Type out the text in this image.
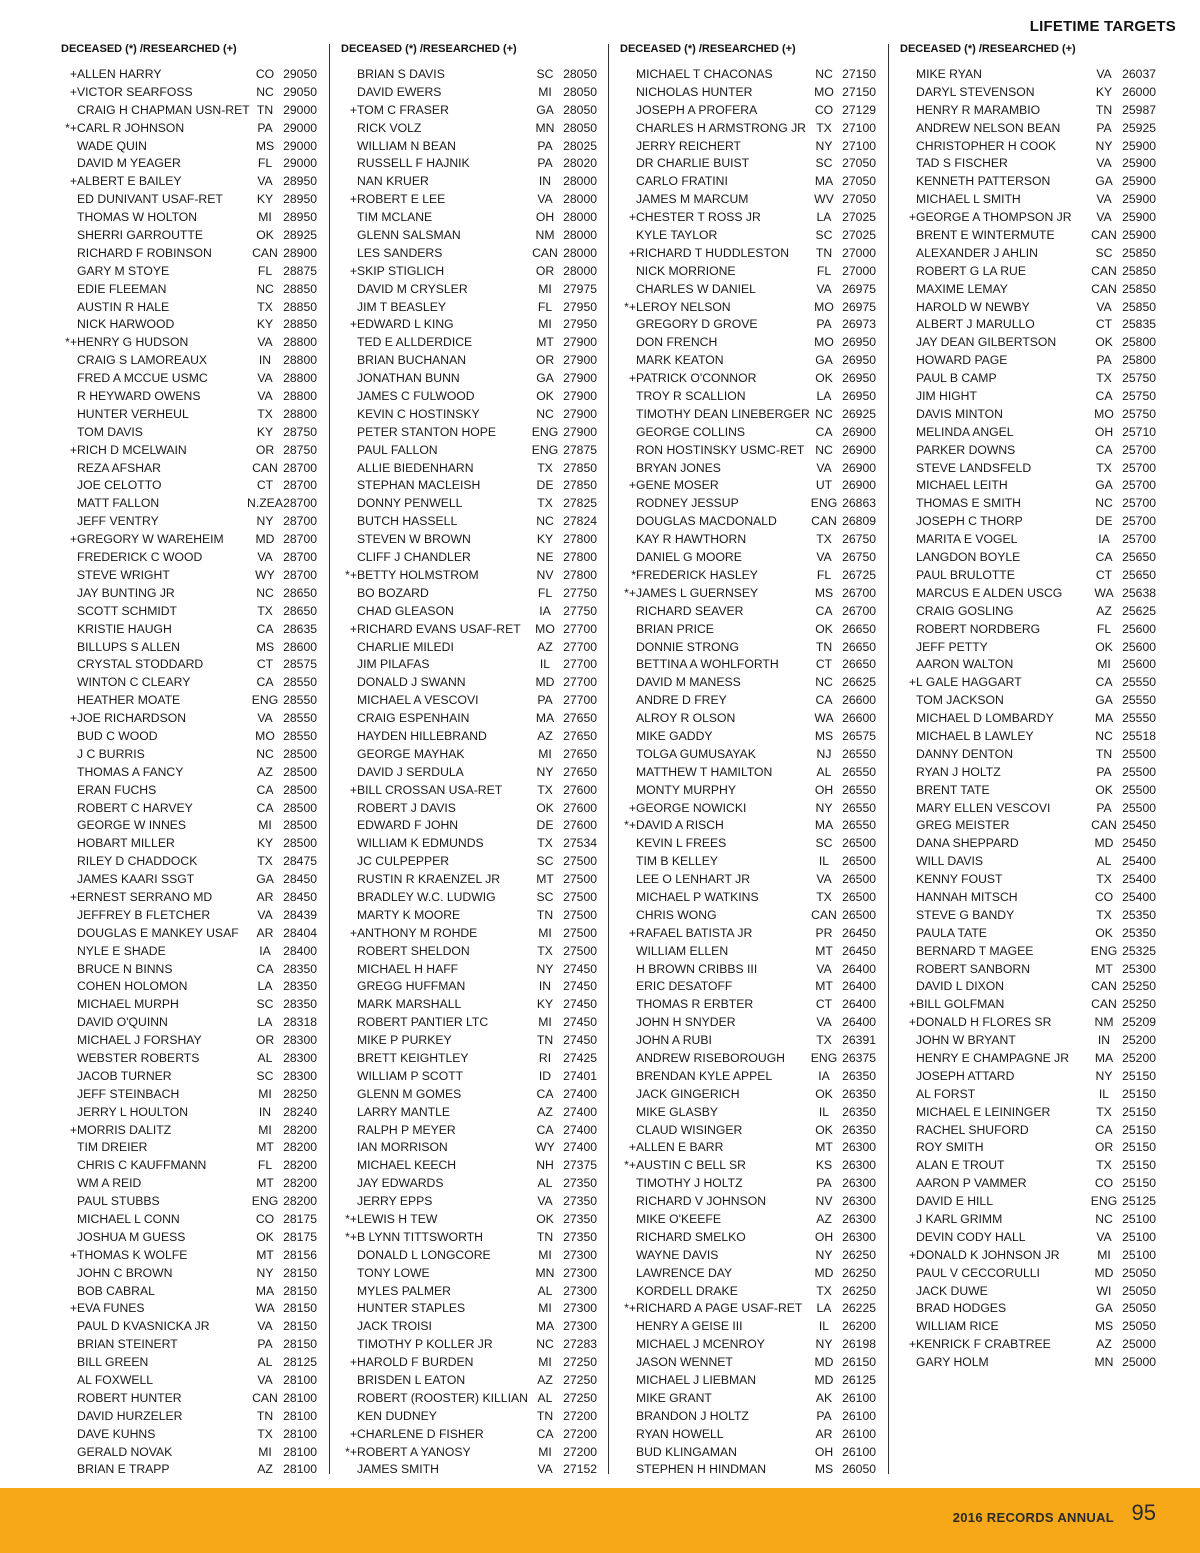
LIFETIME TARGETS
DECEASED (*) /RESEARCHED (+)
+ ALLEN HARRY	CO 29050
+ VICTOR SEARFOSS	NC 29050
CRAIG H CHAPMAN USN-RET TN 29000
*+ CARL R JOHNSON	PA 29000
WADE QUIN	MS 29000
DAVID M YEAGER	FL 29000
+ ALBERT E BAILEY	VA 28950
ED DUNIVANT USAF-RET	KY 28950
THOMAS W HOLTON	MI 28950
SHERRI GARROUTTE	OK 28925
RICHARD F ROBINSON	CAN 28900
GARY M STOYE	FL 28875
EDIE FLEEMAN	NC 28850
AUSTIN R HALE	TX 28850
NICK HARWOOD	KY 28850
*+ HENRY G HUDSON	VA 28800
CRAIG S LAMOREAUX	IN 28800
FRED A MCCUE USMC	VA 28800
R HEYWARD OWENS	VA 28800
HUNTER VERHEUL	TX 28800
TOM DAVIS	KY 28750
+ RICH D MCELWAIN	OR 28750
REZA AFSHAR	CAN 28700
JOE CELOTTO	CT 28700
MATT FALLON	N.ZEA 28700
JEFF VENTRY	NY 28700
+ GREGORY W WAREHEIM	MD 28700
FREDERICK C WOOD	VA 28700
STEVE WRIGHT	WY 28700
JAY BUNTING JR	NC 28650
SCOTT SCHMIDT	TX 28650
KRISTIE HAUGH	CA 28635
BILLUPS S ALLEN	MS 28600
CRYSTAL STODDARD	CT 28575
WINTON C CLEARY	CA 28550
HEATHER MOATE	ENG 28550
+ JOE RICHARDSON	VA 28550
BUD C WOOD	MO 28550
J C BURRIS	NC 28500
THOMAS A FANCY	AZ 28500
ERAN FUCHS	CA 28500
ROBERT C HARVEY	CA 28500
GEORGE W INNES	MI 28500
HOBART MILLER	KY 28500
RILEY D CHADDOCK	TX 28475
JAMES KAARI SSGT	GA 28450
+ ERNEST SERRANO MD	AR 28450
JEFFREY B FLETCHER	VA 28439
DOUGLAS E MANKEY USAF	AR 28404
NYLE E SHADE	IA	28400
BRUCE N BINNS	CA 28350
COHEN HOLOMON	LA 28350
MICHAEL MURPH	SC 28350
DAVID O'QUINN	LA 28318
MICHAEL J FORSHAY	OR 28300
WEBSTER ROBERTS	AL 28300
JACOB TURNER	SC 28300
JEFF STEINBACH	MI 28250
JERRY L HOULTON	IN 28240
+ MORRIS DALITZ	MI 28200
TIM DREIER	MT 28200
CHRIS C KAUFFMANN	FL 28200
WM A REID	MT 28200
PAUL STUBBS	ENG 28200
MICHAEL L CONN	CO 28175
JOSHUA M GUESS	OK 28175
+ THOMAS K WOLFE	MT 28156
JOHN C BROWN	NY 28150
BOB CABRAL	MA 28150
+ EVA FUNES	WA 28150
PAUL D KVASNICKA JR	VA 28150
BRIAN STEINERT	PA 28150
BILL GREEN	AL 28125
AL FOXWELL	VA 28100
ROBERT HUNTER	CAN 28100
DAVID HURZELER	TN 28100
DAVE KUHNS	TX 28100
GERALD NOVAK	MI 28100
BRIAN E TRAPP	AZ 28100
DECEASED (*) /RESEARCHED (+)
BRIAN S DAVIS	SC 28050
DAVID EWERS	MI 28050
+ TOM C FRASER	GA 28050
RICK VOLZ	MN 28050
WILLIAM N BEAN	PA 28025
RUSSELL F HAJNIK	PA 28020
NAN KRUER	IN 28000
+ ROBERT E LEE	VA 28000
TIM MCLANE	OH 28000
GLENN SALSMAN	NM 28000
LES SANDERS	CAN 28000
+ SKIP STIGLICH	OR 28000
DAVID M CRYSLER	MI 27975
JIM T BEASLEY	FL 27950
+ EDWARD L KING	MI 27950
TED E ALLDERDICE	MT 27900
BRIAN BUCHANAN	OR 27900
JONATHAN BUNN	GA 27900
JAMES C FULWOOD	OK 27900
KEVIN C HOSTINSKY	NC 27900
PETER STANTON HOPE	ENG 27900
PAUL FALLON	ENG 27875
ALLIE BIEDENHARN	TX 27850
STEPHAN MACLEISH	DE 27850
DONNY PENWELL	TX 27825
BUTCH HASSELL	NC 27824
STEVEN W BROWN	KY 27800
CLIFF J CHANDLER	NE 27800
*+ BETTY HOLMSTROM	NV 27800
BO BOZARD	FL 27750
CHAD GLEASON	IA	27750
+ RICHARD EVANS USAF-RET	MO 27700
CHARLIE MILEDI	AZ 27700
JIM PILAFAS	IL	27700
DONALD J SWANN	MD 27700
MICHAEL A VESCOVI	PA 27700
CRAIG ESPENHAIN	MA 27650
HAYDEN HILLEBRAND	AZ 27650
GEORGE MAYHAK	MI 27650
DAVID J SERDULA	NY 27650
+ BILL CROSSAN USA-RET	TX 27600
ROBERT J DAVIS	OK 27600
EDWARD F JOHN	DE 27600
WILLIAM K EDMUNDS	TX 27534
JC CULPEPPER	SC 27500
RUSTIN R KRAENZEL JR	MT 27500
BRADLEY W.C. LUDWIG	SC 27500
MARTY K MOORE	TN 27500
+ ANTHONY M ROHDE	MI 27500
ROBERT SHELDON	TX 27500
MICHAEL H HAFF	NY 27450
GREGG HUFFMAN	IN 27450
MARK MARSHALL	KY 27450
ROBERT PANTIER LTC	MI 27450
MIKE P PURKEY	TN 27450
BRETT KEIGHTLEY	RI 27425
WILLIAM P SCOTT	ID 27401
GLENN M GOMES	CA 27400
LARRY MANTLE	AZ 27400
RALPH P MEYER	CA 27400
IAN MORRISON	WY 27400
MICHAEL KEECH	NH 27375
JAY EDWARDS	AL 27350
JERRY EPPS	VA 27350
*+ LEWIS H TEW	OK 27350
*+ B LYNN TITTSWORTH	TN 27350
DONALD L LONGCORE	MI 27300
TONY LOWE	MN 27300
MYLES PALMER	AL 27300
HUNTER STAPLES	MI 27300
JACK TROISI	MA 27300
TIMOTHY P KOLLER JR	NC 27283
+ HAROLD F BURDEN	MI 27250
BRISDEN L EATON	AZ 27250
ROBERT (ROOSTER) KILLIAN AL 27250
KEN DUDNEY	TN 27200
+ CHARLENE D FISHER	CA 27200
*+ ROBERT A YANOSY	MI 27200
JAMES SMITH	VA 27152
DECEASED (*) /RESEARCHED (+)
MICHAEL T CHACONAS	NC 27150
NICHOLAS HUNTER	MO 27150
JOSEPH A PROFERA	CO 27129
CHARLES H ARMSTRONG JR TX 27100
JERRY REICHERT	NY 27100
DR CHARLIE BUIST	SC 27050
CARLO FRATINI	MA 27050
JAMES M MARCUM	WV 27050
+ CHESTER T ROSS JR	LA 27025
KYLE TAYLOR	SC 27025
+ RICHARD T HUDDLESTON	TN 27000
NICK MORRIONE	FL 27000
CHARLES W DANIEL	VA 26975
*+ LEROY NELSON	MO 26975
GREGORY D GROVE	PA 26973
DON FRENCH	MO 26950
MARK KEATON	GA 26950
+ PATRICK O'CONNOR	OK 26950
TROY R SCALLION	LA 26950
TIMOTHY DEAN LINEBERGER NC 26925
GEORGE COLLINS	CA 26900
RON HOSTINSKY USMC-RET NC 26900
BRYAN JONES	VA 26900
+ GENE MOSER	UT 26900
RODNEY JESSUP	ENG 26863
DOUGLAS MACDONALD	CAN 26809
KAY R HAWTHORN	TX 26750
DANIEL G MOORE	VA 26750
* FREDERICK HASLEY	FL 26725
*+ JAMES L GUERNSEY	MS 26700
RICHARD SEAVER	CA 26700
BRIAN PRICE	OK 26650
DONNIE STRONG	TN 26650
BETTINA A WOHLFORTH	CT 26650
DAVID M MANESS	NC 26625
ANDRE D FREY	CA 26600
ALROY R OLSON	WA 26600
MIKE GADDY	MS 26575
TOLGA GUMUSAYAK	NJ 26550
MATTHEW T HAMILTON	AL 26550
MONTY MURPHY	OH 26550
+ GEORGE NOWICKI	NY 26550
*+ DAVID A RISCH	MA 26550
KEVIN L FREES	SC 26500
TIM B KELLEY	IL	26500
LEE O LENHART JR	VA 26500
MICHAEL P WATKINS	TX 26500
CHRIS WONG	CAN 26500
+ RAFAEL BATISTA JR	PR 26450
WILLIAM ELLEN	MT 26450
H BROWN CRIBBS III	VA 26400
ERIC DESATOFF	MT 26400
THOMAS R ERBTER	CT 26400
JOHN H SNYDER	VA 26400
JOHN A RUBI	TX 26391
ANDREW RISEBOROUGH	ENG 26375
BRENDAN KYLE APPEL	IA	26350
JACK GINGERICH	OK 26350
MIKE GLASBY	IL	26350
CLAUD WISINGER	OK 26350
+ ALLEN E BARR	MT 26300
*+ AUSTIN C BELL SR	KS 26300
TIMOTHY J HOLTZ	PA 26300
RICHARD V JOHNSON	NV 26300
MIKE O'KEEFE	AZ 26300
RICHARD SMELKO	OH 26300
WAYNE DAVIS	NY 26250
LAWRENCE DAY	MD 26250
KORDELL DRAKE	TX 26250
*+ RICHARD A PAGE USAF-RET	LA 26225
HENRY A GEISE III	IL	26200
MICHAEL J MCENROY	NY 26198
JASON WENNET	MD 26150
MICHAEL J LIEBMAN	MD 26125
MIKE GRANT	AK 26100
BRANDON J HOLTZ	PA 26100
RYAN HOWELL	AR 26100
BUD KLINGAMAN	OH 26100
STEPHEN H HINDMAN	MS 26050
DECEASED (*) /RESEARCHED (+)
MIKE RYAN	VA 26037
DARYL STEVENSON	KY 26000
HENRY R MARAMBIO	TN 25987
ANDREW NELSON BEAN	PA 25925
CHRISTOPHER H COOK	NY 25900
TAD S FISCHER	VA 25900
KENNETH PATTERSON	GA 25900
MICHAEL L SMITH	VA 25900
+ GEORGE A THOMPSON JR	VA 25900
BRENT E WINTERMUTE	CAN 25900
ALEXANDER J AHLIN	SC 25850
ROBERT G LA RUE	CAN 25850
MAXIME LEMAY	CAN 25850
HAROLD W NEWBY	VA 25850
ALBERT J MARULLO	CT 25835
JAY DEAN GILBERTSON	OK 25800
HOWARD PAGE	PA 25800
PAUL B CAMP	TX 25750
JIM HIGHT	CA 25750
DAVIS MINTON	MO 25750
MELINDA ANGEL	OH 25710
PARKER DOWNS	CA 25700
STEVE LANDSFELD	TX 25700
MICHAEL LEITH	GA 25700
THOMAS E SMITH	NC 25700
JOSEPH C THORP	DE 25700
MARITA E VOGEL	IA	25700
LANGDON BOYLE	CA 25650
PAUL BRULOTTE	CT 25650
MARCUS E ALDEN USCG	WA 25638
CRAIG GOSLING	AZ 25625
ROBERT NORDBERG	FL 25600
JEFF PETTY	OK 25600
AARON WALTON	MI 25600
+ L GALE HAGGART	CA 25550
TOM JACKSON	GA 25550
MICHAEL D LOMBARDY	MA 25550
MICHAEL B LAWLEY	NC 25518
DANNY DENTON	TN 25500
RYAN J HOLTZ	PA 25500
BRENT TATE	OK 25500
MARY ELLEN VESCOVI	PA 25500
GREG MEISTER	CAN 25450
DANA SHEPPARD	MD 25450
WILL DAVIS	AL 25400
KENNY FOUST	TX 25400
HANNAH MITSCH	CO 25400
STEVE G BANDY	TX 25350
PAULA TATE	OK 25350
BERNARD T MAGEE	ENG 25325
ROBERT SANBORN	MT 25300
DAVID L DIXON	CAN 25250
+ BILL GOLFMAN	CAN 25250
+ DONALD H FLORES SR	NM 25209
JOHN W BRYANT	IN 25200
HENRY E CHAMPAGNE JR	MA 25200
JOSEPH ATTARD	NY 25150
AL FORST	IL	25150
MICHAEL E LEININGER	TX 25150
RACHEL SHUFORD	CA 25150
ROY SMITH	OR 25150
ALAN E TROUT	TX 25150
AARON P VAMMER	CO 25150
DAVID E HILL	ENG 25125
J KARL GRIMM	NC 25100
DEVIN CODY HALL	VA 25100
+ DONALD K JOHNSON JR	MI 25100
PAUL V CECCORULLI	MD 25050
JACK DUWE	WI 25050
BRAD HODGES	GA 25050
WILLIAM RICE	MS 25050
+ KENRICK F CRABTREE	AZ 25000
GARY HOLM	MN 25000
2016 RECORDS ANNUAL 95
